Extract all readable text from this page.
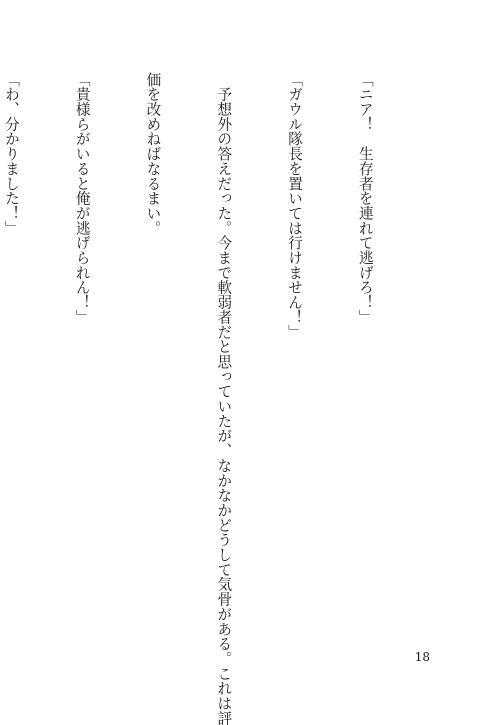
「ニア！　生存者を連れて逃げろ！」

「ガウル隊長を置いては行けません！」

　予想外の答えだった。今まで軟弱者だと思っていたが、なかなかどうして気骨がある。これは評

価を改めねばなるまい。

「貴様らがいると俺が逃げられん！」

「わ、分かりました！」

18
